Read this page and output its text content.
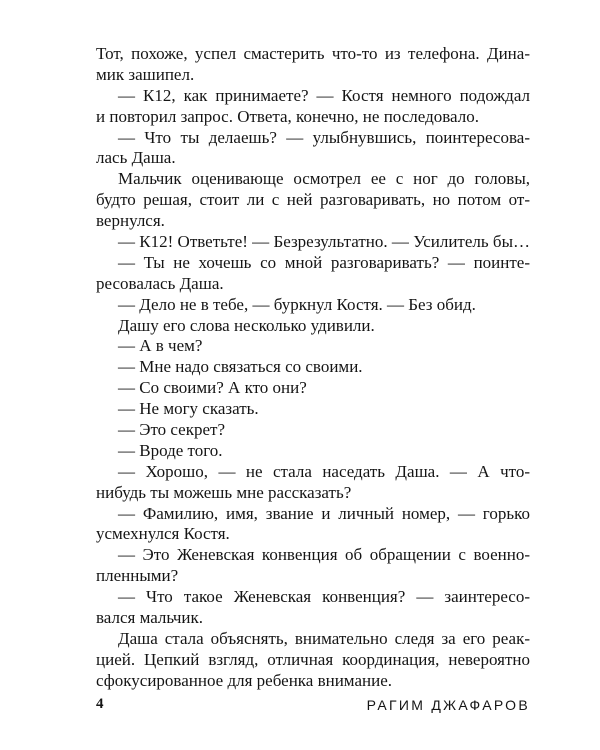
Тот, похоже, успел смастерить что-то из телефона. Дина-
мик зашипел.
— К12, как принимаете? — Костя немного подождал
и повторил запрос. Ответа, конечно, не последовало.
— Что ты делаешь? — улыбнувшись, поинтересова-
лась Даша.
Мальчик оценивающе осмотрел ее с ног до головы,
будто решая, стоит ли с ней разговаривать, но потом от-
вернулся.
— К12! Ответьте! — Безрезультатно. — Усилитель бы…
— Ты не хочешь со мной разговаривать? — поинте-
ресовалась Даша.
— Дело не в тебе, — буркнул Костя. — Без обид.
Дашу его слова несколько удивили.
— А в чем?
— Мне надо связаться со своими.
— Со своими? А кто они?
— Не могу сказать.
— Это секрет?
— Вроде того.
— Хорошо, — не стала наседать Даша. — А что-
нибудь ты можешь мне рассказать?
— Фамилию, имя, звание и личный номер, — горько
усмехнулся Костя.
— Это Женевская конвенция об обращении с военно-
пленными?
— Что такое Женевская конвенция? — заинтересо-
вался мальчик.
Даша стала объяснять, внимательно следя за его реак-
цией. Цепкий взгляд, отличная координация, невероятно
сфокусированное для ребенка внимание.
4	РАГИМ ДЖАФАРОВ
